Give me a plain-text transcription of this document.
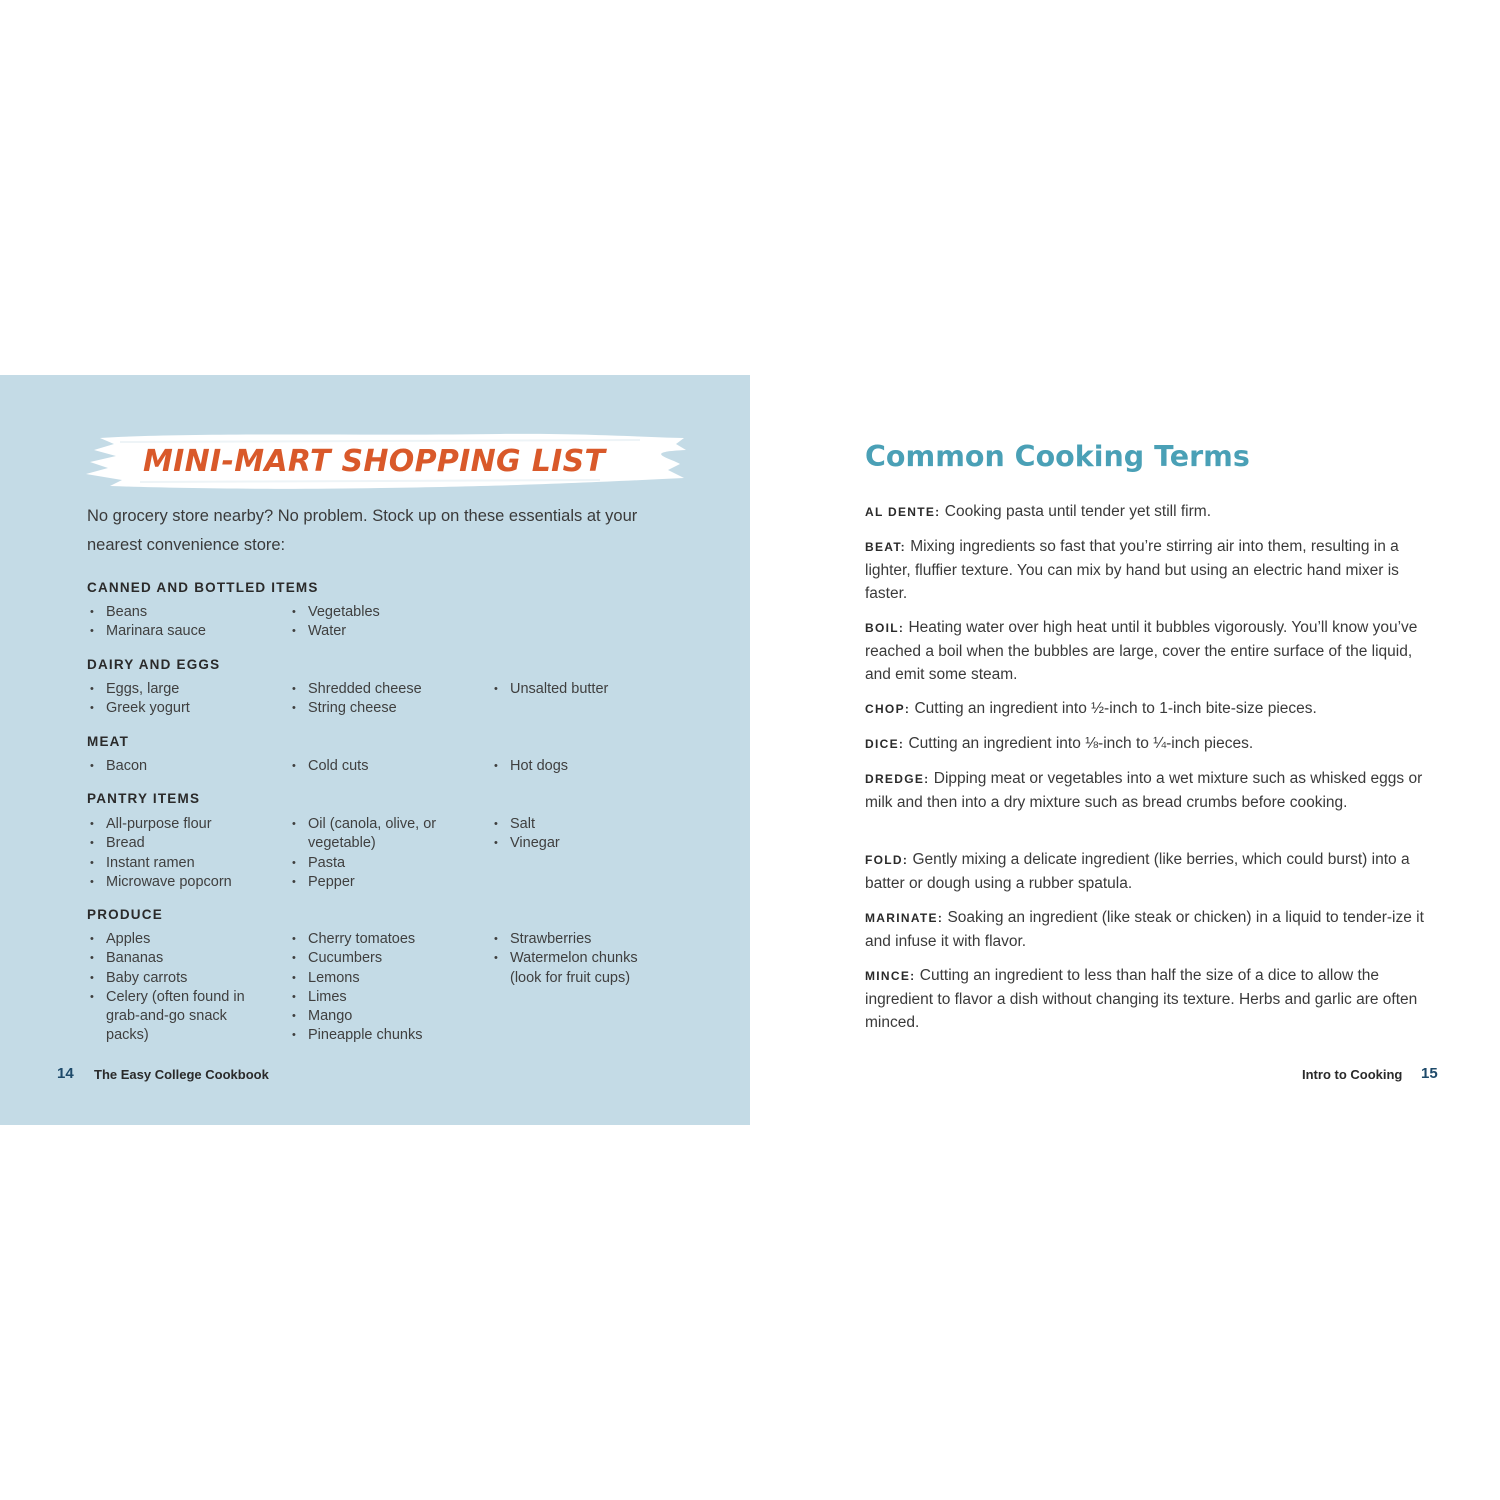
MINI-MART SHOPPING LIST
No grocery store nearby? No problem. Stock up on these essentials at your nearest convenience store:
CANNED AND BOTTLED ITEMS
• Beans
• Marinara sauce
• Vegetables
• Water
DAIRY AND EGGS
• Eggs, large
• Greek yogurt
• Shredded cheese
• String cheese
• Unsalted butter
MEAT
• Bacon	• Cold cuts	• Hot dogs
PANTRY ITEMS
• All-purpose flour
• Bread
• Instant ramen
• Microwave popcorn
• Oil (canola, olive, or vegetable)
• Pasta
• Pepper
• Salt
• Vinegar
PRODUCE
• Apples
• Bananas
• Baby carrots
• Celery (often found in grab-and-go snack packs)
• Cherry tomatoes
• Cucumbers
• Lemons
• Limes
• Mango
• Pineapple chunks
• Strawberries
• Watermelon chunks (look for fruit cups)
14 The Easy College Cookbook
Common Cooking Terms
AL DENTE: Cooking pasta until tender yet still firm.
BEAT: Mixing ingredients so fast that you’re stirring air into them, resulting in a lighter, fluffier texture. You can mix by hand but using an electric hand mixer is faster.
BOIL: Heating water over high heat until it bubbles vigorously. You’ll know you’ve reached a boil when the bubbles are large, cover the entire surface of the liquid, and emit some steam.
CHOP: Cutting an ingredient into ½-inch to 1-inch bite-size pieces.
DICE: Cutting an ingredient into ⅛-inch to ¼-inch pieces.
DREDGE: Dipping meat or vegetables into a wet mixture such as whisked eggs or milk and then into a dry mixture such as bread crumbs before cooking.
FOLD: Gently mixing a delicate ingredient (like berries, which could burst) into a batter or dough using a rubber spatula.
MARINATE: Soaking an ingredient (like steak or chicken) in a liquid to tender-ize it and infuse it with flavor.
MINCE: Cutting an ingredient to less than half the size of a dice to allow the ingredient to flavor a dish without changing its texture. Herbs and garlic are often minced.
Intro to Cooking 15
